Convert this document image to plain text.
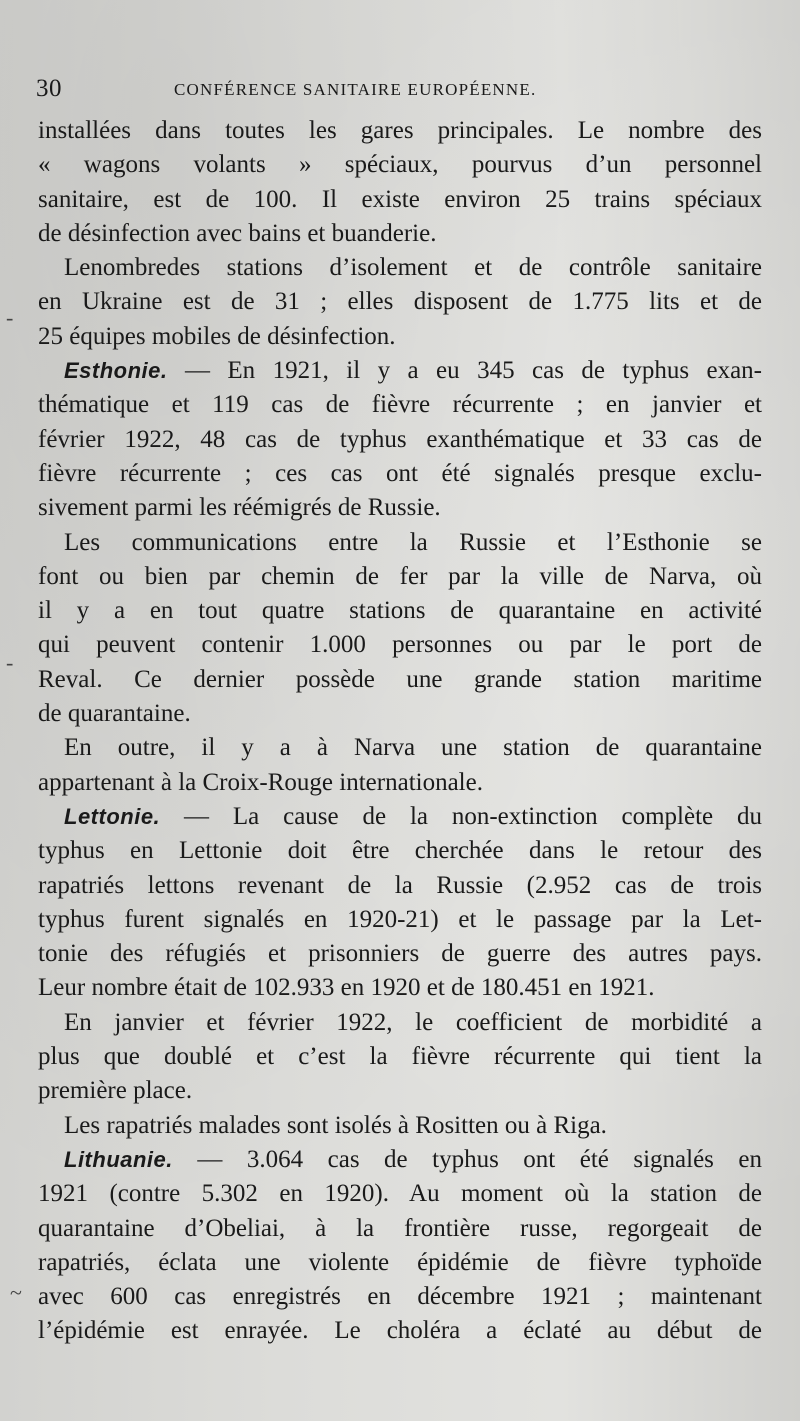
30	CONFÉRENCE SANITAIRE EUROPÉENNE.
-
-
~

installées dans toutes les gares principales. Le nombre des
« wagons volants » spéciaux, pourvus d’un personnel
sanitaire, est de 100. Il existe environ 25 trains spéciaux
de désinfection avec bains et buanderie.

Lenombredes stations d’isolement et de contrôle sanitaire
en Ukraine est de 31 ; elles disposent de 1.775 lits et de
25 équipes mobiles de désinfection.

Esthonie. — En 1921, il y a eu 345 cas de typhus exan-
thématique et 119 cas de fièvre récurrente ; en janvier et
février 1922, 48 cas de typhus exanthématique et 33 cas de
fièvre récurrente ; ces cas ont été signalés presque exclu-
sivement parmi les réémigrés de Russie.

Les communications entre la Russie et l’Esthonie se
font ou bien par chemin de fer par la ville de Narva, où
il y a en tout quatre stations de quarantaine en activité
qui peuvent contenir 1.000 personnes ou par le port de
Reval. Ce dernier possède une grande station maritime
de quarantaine.

En outre, il y a à Narva une station de quarantaine
appartenant à la Croix-Rouge internationale.

Lettonie. — La cause de la non-extinction complète du
typhus en Lettonie doit être cherchée dans le retour des
rapatriés lettons revenant de la Russie (2.952 cas de trois
typhus furent signalés en 1920-21) et le passage par la Let-
tonie des réfugiés et prisonniers de guerre des autres pays.
Leur nombre était de 102.933 en 1920 et de 180.451 en 1921.

En janvier et février 1922, le coefficient de morbidité a
plus que doublé et c’est la fièvre récurrente qui tient la
première place.

Les rapatriés malades sont isolés à Rositten ou à Riga.

Lithuanie. — 3.064 cas de typhus ont été signalés en
1921 (contre 5.302 en 1920). Au moment où la station de
quarantaine d’Obeliai, à la frontière russe, regorgeait de
rapatriés, éclata une violente épidémie de fièvre typhoïde
avec 600 cas enregistrés en décembre 1921 ; maintenant
l’épidémie est enrayée. Le choléra a éclaté au début de
